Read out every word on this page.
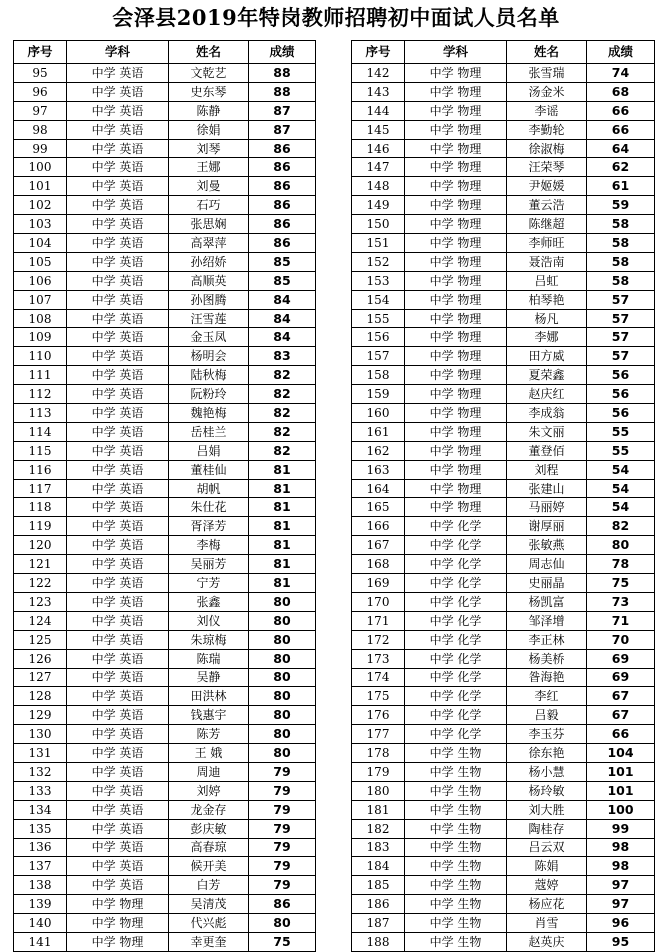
会泽县2019年特岗教师招聘初中面试人员名单
序号	学科	姓名	成绩
95	中学 英语	文乾艺	88
96	中学 英语	史东琴	88
97	中学 英语	陈静	87
98	中学 英语	徐娟	87
99	中学 英语	刘琴	86
100	中学 英语	王娜	86
101	中学 英语	刘曼	86
102	中学 英语	石巧	86
103	中学 英语	张思娴	86
104	中学 英语	高翠萍	86
105	中学 英语	孙绍娇	85
106	中学 英语	高顺英	85
107	中学 英语	孙图腾	84
108	中学 英语	汪雪莲	84
109	中学 英语	金玉凤	84
110	中学 英语	杨明会	83
111	中学 英语	陆秋梅	82
112	中学 英语	阮粉玲	82
113	中学 英语	魏艳梅	82
114	中学 英语	岳桂兰	82
115	中学 英语	吕娟	82
116	中学 英语	董桂仙	81
117	中学 英语	胡帆	81
118	中学 英语	朱仕花	81
119	中学 英语	胥泽芳	81
120	中学 英语	李梅	81
121	中学 英语	吴丽芳	81
122	中学 英语	宁芳	81
123	中学 英语	张鑫	80
124	中学 英语	刘仪	80
125	中学 英语	朱琼梅	80
126	中学 英语	陈瑞	80
127	中学 英语	吴静	80
128	中学 英语	田洪林	80
129	中学 英语	钱惠宇	80
130	中学 英语	陈芳	80
131	中学 英语	王 娥	80
132	中学 英语	周迪	79
133	中学 英语	刘婷	79
134	中学 英语	龙金存	79
135	中学 英语	彭庆敏	79
136	中学 英语	高春琼	79
137	中学 英语	候开美	79
138	中学 英语	白芳	79
139	中学 物理	吴清茂	86
140	中学 物理	代兴彪	80
141	中学 物理	幸更奎	75
序号	学科	姓名	成绩
142	中学 物理	张雪瑞	74
143	中学 物理	汤金米	68
144	中学 物理	李谣	66
145	中学 物理	李勤轮	66
146	中学 物理	徐淑梅	64
147	中学 物理	汪荣琴	62
148	中学 物理	尹姬媛	61
149	中学 物理	董云浩	59
150	中学 物理	陈继超	58
151	中学 物理	李师旺	58
152	中学 物理	聂浩南	58
153	中学 物理	吕虹	58
154	中学 物理	柏琴艳	57
155	中学 物理	杨凡	57
156	中学 物理	李娜	57
157	中学 物理	田方威	57
158	中学 物理	夏荣鑫	56
159	中学 物理	赵庆红	56
160	中学 物理	李成翁	56
161	中学 物理	朱文丽	55
162	中学 物理	董登佰	55
163	中学 物理	刘程	54
164	中学 物理	张建山	54
165	中学 物理	马丽婷	54
166	中学 化学	谢厚丽	82
167	中学 化学	张敏燕	80
168	中学 化学	周志仙	78
169	中学 化学	史丽晶	75
170	中学 化学	杨凯富	73
171	中学 化学	邹泽增	71
172	中学 化学	李正林	70
173	中学 化学	杨美桥	69
174	中学 化学	昝海艳	69
175	中学 化学	李红	67
176	中学 化学	吕毅	67
177	中学 化学	李玉芬	66
178	中学 生物	徐东艳	104
179	中学 生物	杨小慧	101
180	中学 生物	杨玲敏	101
181	中学 生物	刘大胜	100
182	中学 生物	陶桂存	99
183	中学 生物	吕云双	98
184	中学 生物	陈娟	98
185	中学 生物	蔻婷	97
186	中学 生物	杨应花	97
187	中学 生物	肖雪	96
188	中学 生物	赵英庆	95
